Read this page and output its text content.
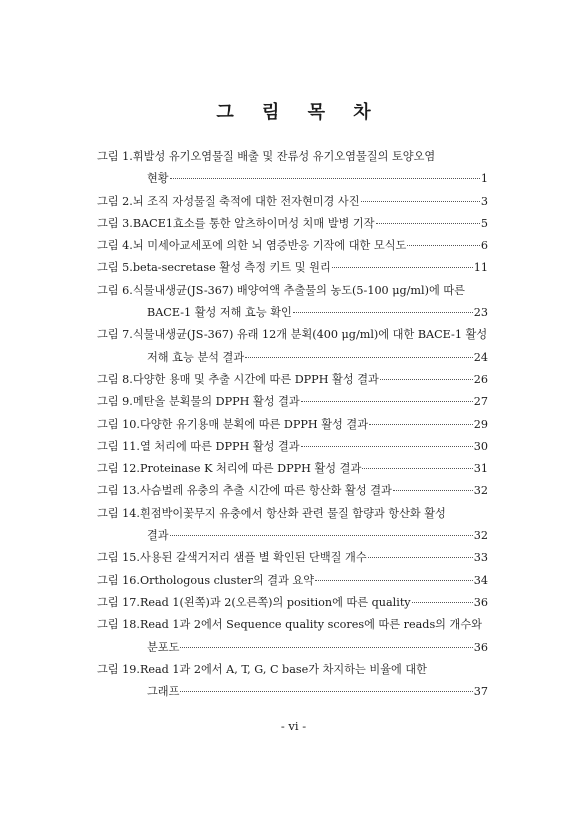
그 림 목 차
그림 1. 휘발성 유기오염물질 배출 및 잔류성 유기오염물질의 토양오염
현황	1
그림 2. 뇌 조직 자성물질 축적에 대한 전자현미경 사진	3
그림 3. BACE1효소를 통한 알츠하이머성 치매 발병 기작	5
그림 4. 뇌 미세아교세포에 의한 뇌 염증반응 기작에 대한 모식도	6
그림 5. beta-secretase 활성 측정 키트 및 원리	11
그림 6. 식물내생균(JS-367) 배양여액 추출물의 농도(5-100 μg/ml)에 따른
BACE-1 활성 저해 효능 확인	23
그림 7. 식물내생균(JS-367) 유래 12개 분획(400 μg/ml)에 대한 BACE-1 활성
저해 효능 분석 결과	24
그림 8. 다양한 용매 및 추출 시간에 따른 DPPH 활성 결과	26
그림 9. 메탄올 분획물의 DPPH 활성 결과	27
그림 10. 다양한 유기용매 분획에 따른 DPPH 활성 결과	29
그림 11. 열 처리에 따른 DPPH 활성 결과	30
그림 12. Proteinase K 처리에 따른 DPPH 활성 결과	31
그림 13. 사슴벌레 유충의 추출 시간에 따른 항산화 활성 결과	32
그림 14. 흰점박이꽃무지 유충에서 항산화 관련 물질 함량과 항산화 활성
결과	32
그림 15. 사용된 갈색거저리 샘플 별 확인된 단백질 개수	33
그림 16. Orthologous cluster의 결과 요약	34
그림 17. Read 1(왼쪽)과 2(오른쪽)의 position에 따른 quality	36
그림 18. Read 1과 2에서 Sequence quality scores에 따른 reads의 개수와
분포도	36
그림 19. Read 1과 2에서 A, T, G, C base가 차지하는 비율에 대한
그래프	37
- vi -
